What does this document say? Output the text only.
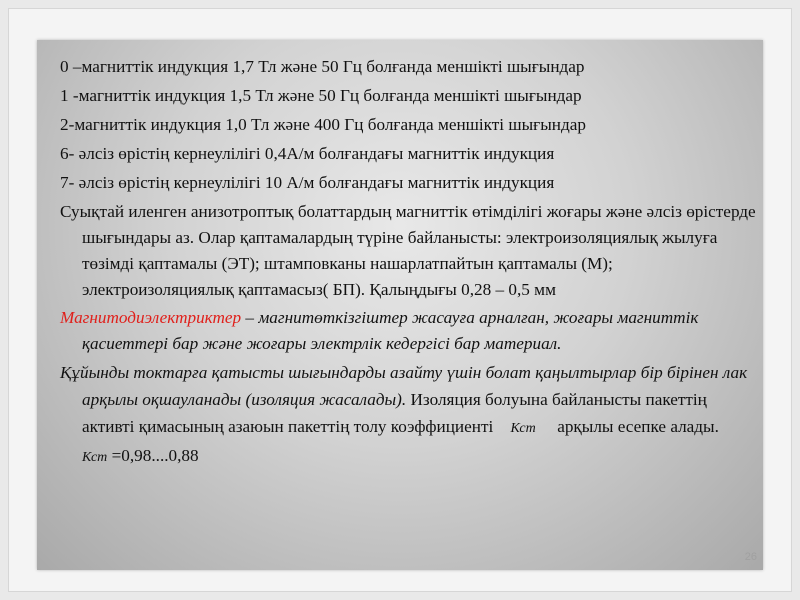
0 –магниттік индукция 1,7 Тл және 50 Гц болғанда меншікті шығындар

1 -магниттік индукция 1,5 Тл және 50 Гц болғанда меншікті шығындар

2-магниттік индукция 1,0 Тл және 400 Гц болғанда меншікті шығындар

6- әлсіз өрістің кернеулілігі 0,4А/м болғандағы магниттік индукция

7- әлсіз өрістің кернеулілігі 10 А/м болғандағы магниттік индукция

Суықтай иленген анизотроптық болаттардың магниттік өтімділігі жоғары және әлсіз өрістерде шығындары аз. Олар қаптамалардың түріне байланысты: электроизоляциялық жылуға төзімді қаптамалы (ЭТ); штамповканы нашарлатпайтын қаптамалы (М); электроизоляциялық қаптамасыз( БП). Қалыңдығы 0,28 – 0,5 мм

Магнитодиэлектриктер – магнитөткізгіштер жасауға арналған, жоғары магниттік қасиеттері бар және жоғары электрлік кедергісі бар материал.

Құйынды токтарға қатысты шығындарды азайту үшін болат қаңылтырлар бір бірінен лак арқылы оқшауланады (изоляция жасалады). Изоляция болуына байланысты пакеттің активті қимасының азаюын пакеттің толу коэффициенті Кст арқылы есепке алады.      Кст =0,98....0,88

26
